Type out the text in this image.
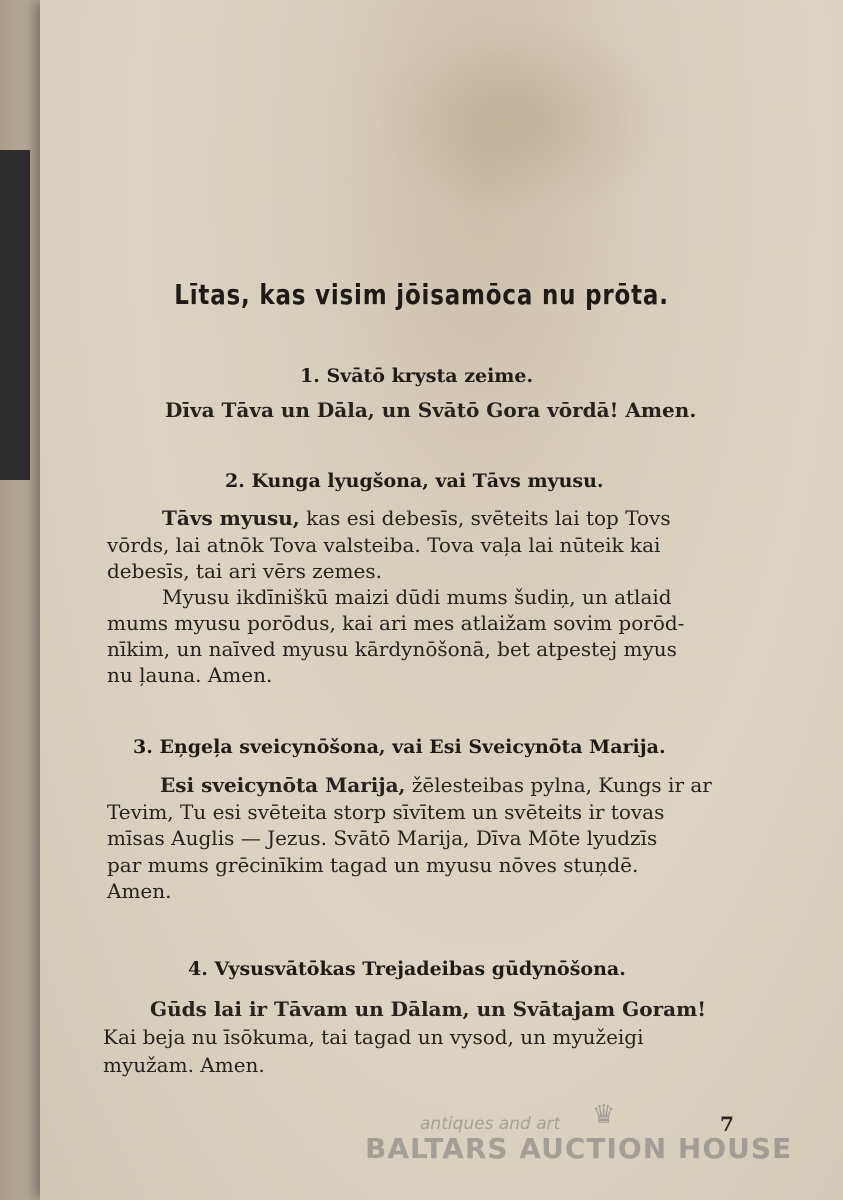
Lītas, kas visim jōisamōca nu prōta.
1. Svātō krysta zeime.
Dīva Tāva un Dāla, un Svātō Gora vōrdā! Amen.
2. Kunga lyugšona, vai Tāvs myusu.
Tāvs myusu, kas esi debesīs, svēteits lai top Tovs
vōrds, lai atnōk Tova valsteiba. Tova vaļa lai nūteik kai
debesīs, tai ari vērs zemes.
Myusu ikdīniškū maizi dūdi mums šudiņ, un atlaid
mums myusu porōdus, kai ari mes atlaižam sovim porōd-
nīkim, un naīved myusu kārdynōšonā, bet atpestej myus
nu ļauna. Amen.
3. Eņgeļa sveicynōšona, vai Esi Sveicynōta Marija.
Esi sveicynōta Marija, žēlesteibas pylna, Kungs ir ar
Tevim, Tu esi svēteita storp sīvītem un svēteits ir tovas
mīsas Auglis — Jezus. Svātō Marija, Dīva Mōte lyudzīs
par mums grēcinīkim tagad un myusu nōves stuņdē.
Amen.
4. Vysusvātōkas Trejadeibas gūdynōšona.
Gūds lai ir Tāvam un Dālam, un Svātajam Goram!
Kai beja nu īsōkuma, tai tagad un vysod, un myužeigi
myužam. Amen.
antiques and art ♛
BALTARS AUCTION HOUSE
7
